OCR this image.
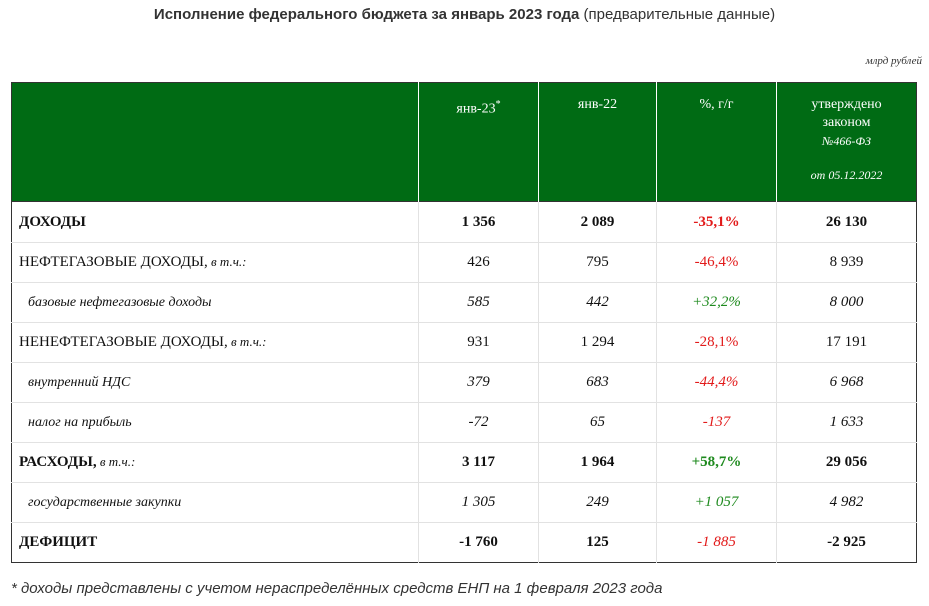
Исполнение федерального бюджета за январь 2023 года (предварительные данные)
млрд рублей

	янв-23*	янв-22	%, г/г	утверждено
законом
№466-ФЗ
от 05.12.2022

ДОХОДЫ	1 356	2 089	-35,1%	26 130
НЕФТЕГАЗОВЫЕ ДОХОДЫ, в т.ч.:	426	795	-46,4%	8 939
базовые нефтегазовые доходы	585	442	+32,2%	8 000
НЕНЕФТЕГАЗОВЫЕ ДОХОДЫ, в т.ч.:	931	1 294	-28,1%	17 191
внутренний НДС	379	683	-44,4%	6 968
налог на прибыль	-72	65	-137	1 633
РАСХОДЫ, в т.ч.:	3 117	1 964	+58,7%	29 056
государственные закупки	1 305	249	+1 057	4 982
ДЕФИЦИТ	-1 760	125	-1 885	-2 925
* доходы представлены с учетом нераспределённых средств ЕНП на 1 февраля 2023 года
